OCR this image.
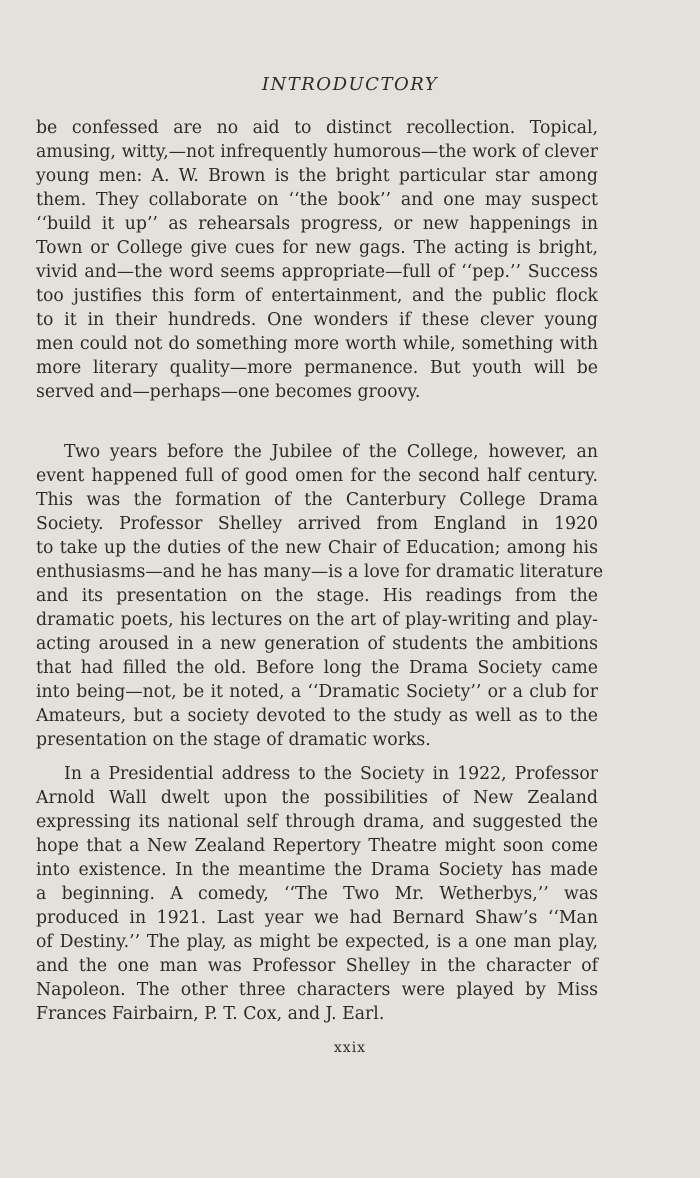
INTRODUCTORY
be confessed are no aid to distinct recollection. Topical,
amusing, witty,—not infrequently humorous—the work of clever
young men: A. W. Brown is the bright particular star among
them. They collaborate on ‘‘the book’’ and one may suspect
‘‘build it up’’ as rehearsals progress, or new happenings in
Town or College give cues for new gags. The acting is bright,
vivid and—the word seems appropriate—full of ‘‘pep.’’ Success
too justifies this form of entertainment, and the public flock
to it in their hundreds. One wonders if these clever young
men could not do something more worth while, something with
more literary quality—more permanence. But youth will be
served and—perhaps—one becomes groovy.
Two years before the Jubilee of the College, however, an
event happened full of good omen for the second half century.
This was the formation of the Canterbury College Drama
Society. Professor Shelley arrived from England in 1920
to take up the duties of the new Chair of Education; among his
enthusiasms—and he has many—is a love for dramatic literature
and its presentation on the stage. His readings from the
dramatic poets, his lectures on the art of play-writing and play-
acting aroused in a new generation of students the ambitions
that had filled the old. Before long the Drama Society came
into being—not, be it noted, a ‘‘Dramatic Society’’ or a club for
Amateurs, but a society devoted to the study as well as to the
presentation on the stage of dramatic works.
In a Presidential address to the Society in 1922, Professor
Arnold Wall dwelt upon the possibilities of New Zealand
expressing its national self through drama, and suggested the
hope that a New Zealand Repertory Theatre might soon come
into existence. In the meantime the Drama Society has made
a beginning. A comedy, ‘‘The Two Mr. Wetherbys,’’ was
produced in 1921. Last year we had Bernard Shaw’s ‘‘Man
of Destiny.’’ The play, as might be expected, is a one man play,
and the one man was Professor Shelley in the character of
Napoleon. The other three characters were played by Miss
Frances Fairbairn, P. T. Cox, and J. Earl.
xxix
